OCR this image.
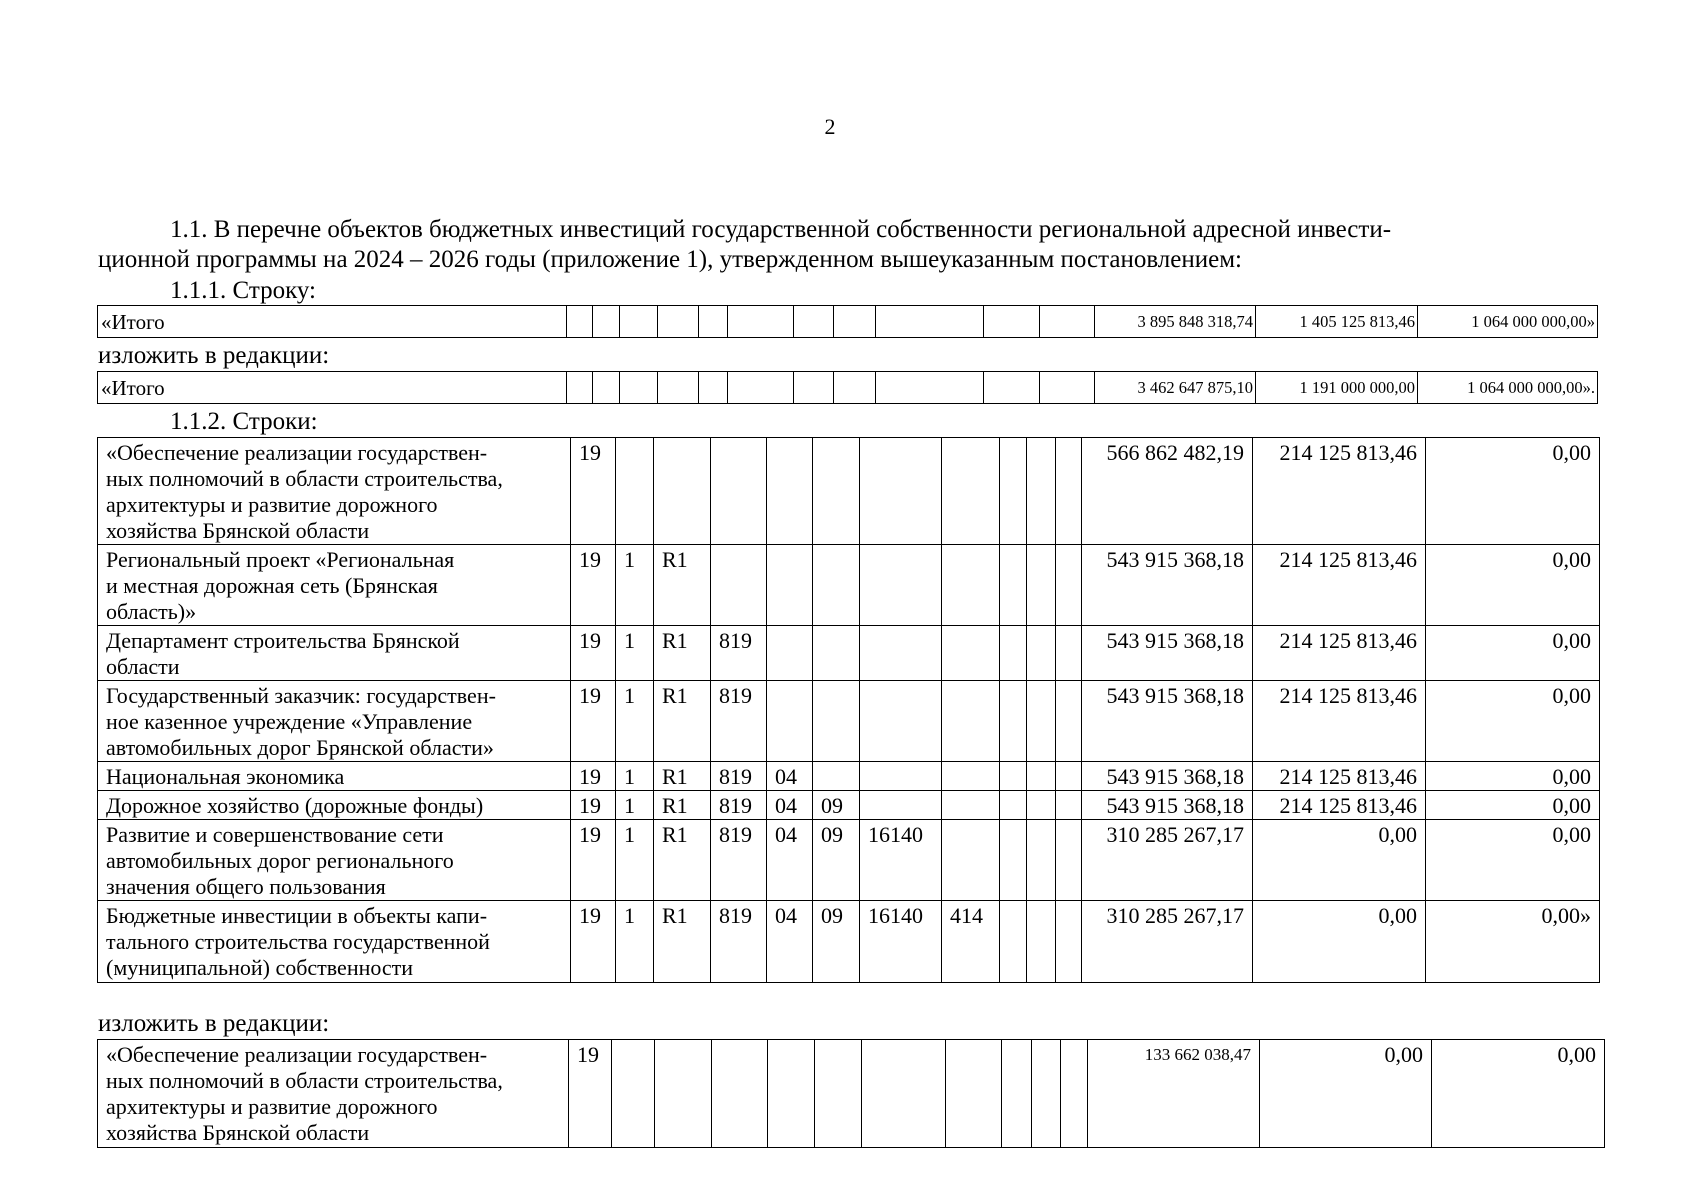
2
1.1. В перечне объектов бюджетных инвестиций государственной собственности региональной адресной инвести-
ционной программы на 2024 – 2026 годы (приложение 1), утвержденном вышеуказанным постановлением:
1.1.1. Строку:
«Итого												3 895 848 318,74	1 405 125 813,46	1 064 000 000,00»
изложить в редакции:
«Итого												3 462 647 875,10	1 191 000 000,00	1 064 000 000,00».
1.1.2. Строки:
«Обеспечение реализации государствен-
ных полномочий в области строительства,
архитектуры и развитие дорожного
хозяйства Брянской области	19											566 862 482,19	214 125 813,46	0,00
Региональный проект «Региональная
и местная дорожная сеть (Брянская
область)»	19	1	R1									543 915 368,18	214 125 813,46	0,00
Департамент строительства Брянской
области	19	1	R1	819								543 915 368,18	214 125 813,46	0,00
Государственный заказчик: государствен-
ное казенное учреждение «Управление
автомобильных дорог Брянской области»	19	1	R1	819								543 915 368,18	214 125 813,46	0,00
Национальная экономика	19	1	R1	819	04							543 915 368,18	214 125 813,46	0,00
Дорожное хозяйство (дорожные фонды)	19	1	R1	819	04	09						543 915 368,18	214 125 813,46	0,00
Развитие и совершенствование сети
автомобильных дорог регионального
значения общего пользования	19	1	R1	819	04	09	16140					310 285 267,17	0,00	0,00
Бюджетные инвестиции в объекты капи-
тального строительства государственной
(муниципальной) собственности	19	1	R1	819	04	09	16140	414				310 285 267,17	0,00	0,00»
изложить в редакции:
«Обеспечение реализации государствен-
ных полномочий в области строительства,
архитектуры и развитие дорожного
хозяйства Брянской области	19											133 662 038,47	0,00	0,00
